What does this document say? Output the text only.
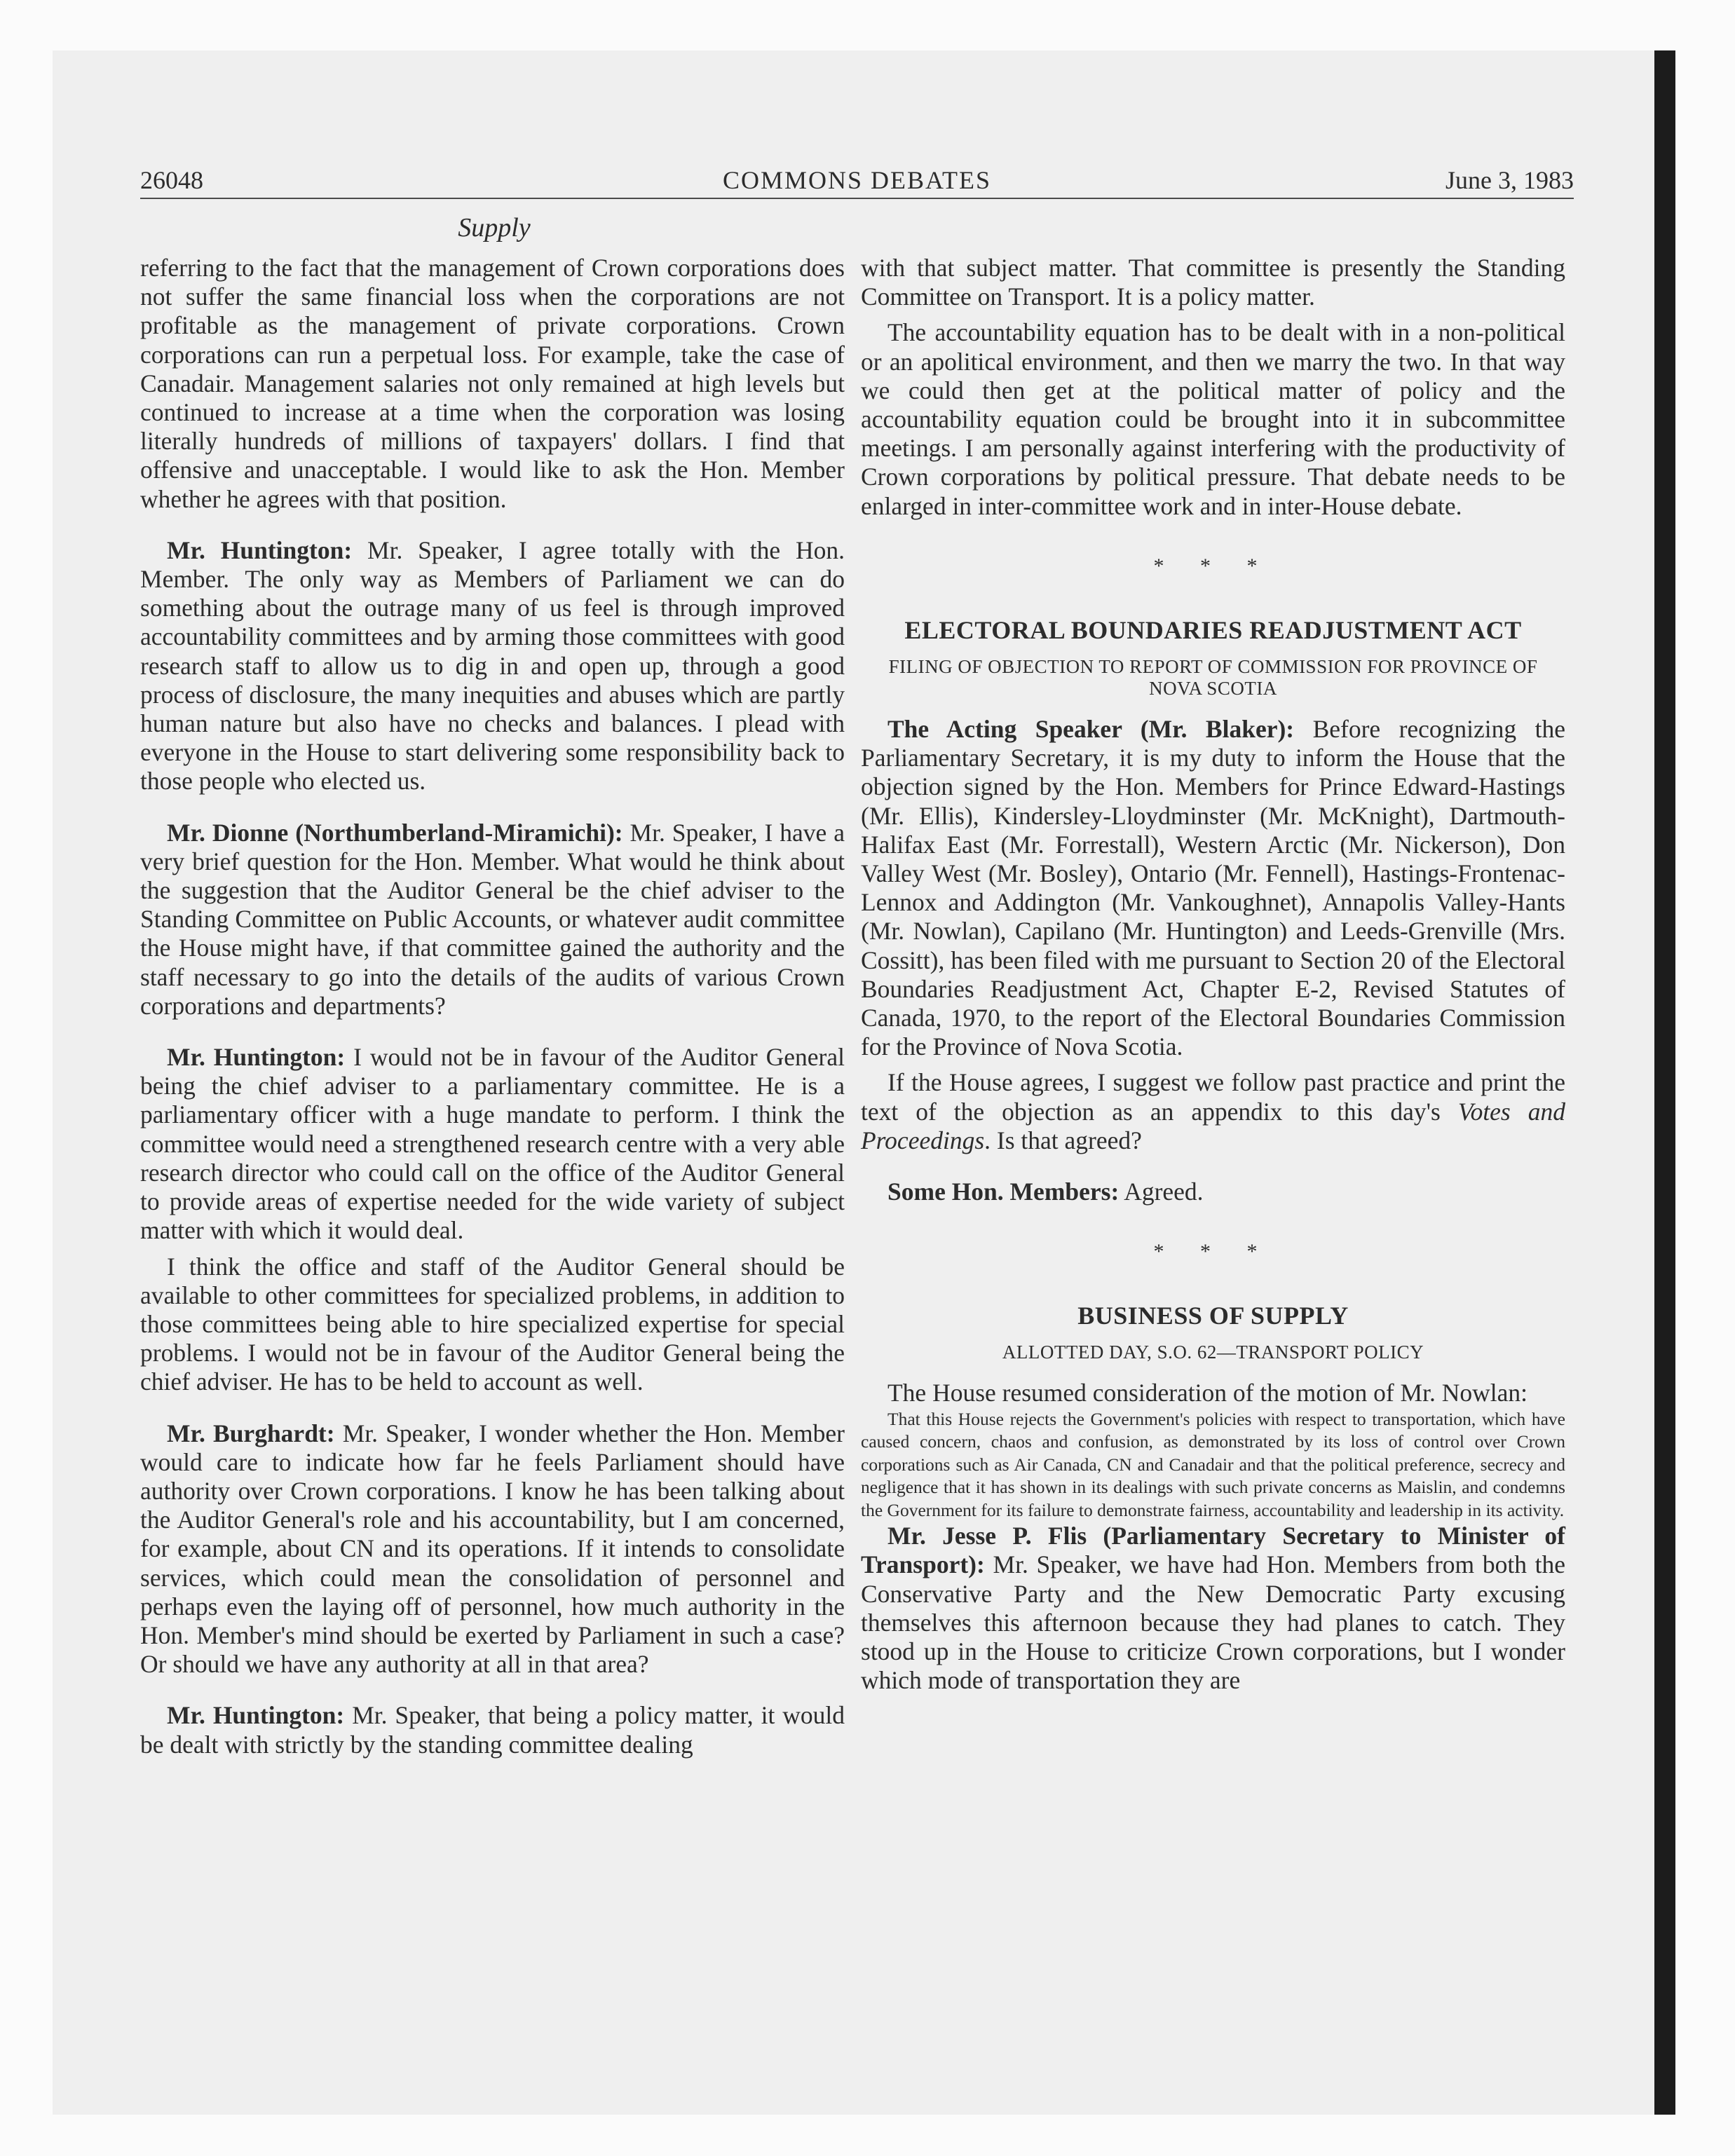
26048	COMMONS DEBATES	June 3, 1983
Supply

referring to the fact that the management of Crown corporations does not suffer the same financial loss when the corporations are not profitable as the management of private corporations. Crown corporations can run a perpetual loss. For example, take the case of Canadair. Management salaries not only remained at high levels but continued to increase at a time when the corporation was losing literally hundreds of millions of taxpayers' dollars. I find that offensive and unacceptable. I would like to ask the Hon. Member whether he agrees with that position.

Mr. Huntington: Mr. Speaker, I agree totally with the Hon. Member. The only way as Members of Parliament we can do something about the outrage many of us feel is through improved accountability committees and by arming those committees with good research staff to allow us to dig in and open up, through a good process of disclosure, the many inequities and abuses which are partly human nature but also have no checks and balances. I plead with everyone in the House to start delivering some responsibility back to those people who elected us.

Mr. Dionne (Northumberland-Miramichi): Mr. Speaker, I have a very brief question for the Hon. Member. What would he think about the suggestion that the Auditor General be the chief adviser to the Standing Committee on Public Accounts, or whatever audit committee the House might have, if that committee gained the authority and the staff necessary to go into the details of the audits of various Crown corporations and departments?

Mr. Huntington: I would not be in favour of the Auditor General being the chief adviser to a parliamentary committee. He is a parliamentary officer with a huge mandate to perform. I think the committee would need a strengthened research centre with a very able research director who could call on the office of the Auditor General to provide areas of expertise needed for the wide variety of subject matter with which it would deal.

I think the office and staff of the Auditor General should be available to other committees for specialized problems, in addition to those committees being able to hire specialized expertise for special problems. I would not be in favour of the Auditor General being the chief adviser. He has to be held to account as well.

Mr. Burghardt: Mr. Speaker, I wonder whether the Hon. Member would care to indicate how far he feels Parliament should have authority over Crown corporations. I know he has been talking about the Auditor General's role and his accountability, but I am concerned, for example, about CN and its operations. If it intends to consolidate services, which could mean the consolidation of personnel and perhaps even the laying off of personnel, how much authority in the Hon. Member's mind should be exerted by Parliament in such a case? Or should we have any authority at all in that area?

Mr. Huntington: Mr. Speaker, that being a policy matter, it would be dealt with strictly by the standing committee dealing

with that subject matter. That committee is presently the Standing Committee on Transport. It is a policy matter.

The accountability equation has to be dealt with in a non-political or an apolitical environment, and then we marry the two. In that way we could then get at the political matter of policy and the accountability equation could be brought into it in subcommittee meetings. I am personally against interfering with the productivity of Crown corporations by political pressure. That debate needs to be enlarged in inter-committee work and in inter-House debate.

* * *
ELECTORAL BOUNDARIES READJUSTMENT ACT
FILING OF OBJECTION TO REPORT OF COMMISSION FOR PROVINCE OF NOVA SCOTIA

The Acting Speaker (Mr. Blaker): Before recognizing the Parliamentary Secretary, it is my duty to inform the House that the objection signed by the Hon. Members for Prince Edward-Hastings (Mr. Ellis), Kindersley-Lloydminster (Mr. McKnight), Dartmouth-Halifax East (Mr. Forrestall), Western Arctic (Mr. Nickerson), Don Valley West (Mr. Bosley), Ontario (Mr. Fennell), Hastings-Frontenac-Lennox and Addington (Mr. Vankoughnet), Annapolis Valley-Hants (Mr. Nowlan), Capilano (Mr. Huntington) and Leeds-Grenville (Mrs. Cossitt), has been filed with me pursuant to Section 20 of the Electoral Boundaries Readjustment Act, Chapter E-2, Revised Statutes of Canada, 1970, to the report of the Electoral Boundaries Commission for the Province of Nova Scotia.

If the House agrees, I suggest we follow past practice and print the text of the objection as an appendix to this day's Votes and Proceedings. Is that agreed?

Some Hon. Members: Agreed.

* * *
BUSINESS OF SUPPLY
ALLOTTED DAY, S.O. 62—TRANSPORT POLICY

The House resumed consideration of the motion of Mr. Nowlan:

That this House rejects the Government's policies with respect to transportation, which have caused concern, chaos and confusion, as demonstrated by its loss of control over Crown corporations such as Air Canada, CN and Canadair and that the political preference, secrecy and negligence that it has shown in its dealings with such private concerns as Maislin, and condemns the Government for its failure to demonstrate fairness, accountability and leadership in its activity.

Mr. Jesse P. Flis (Parliamentary Secretary to Minister of Transport): Mr. Speaker, we have had Hon. Members from both the Conservative Party and the New Democratic Party excusing themselves this afternoon because they had planes to catch. They stood up in the House to criticize Crown corporations, but I wonder which mode of transportation they are
